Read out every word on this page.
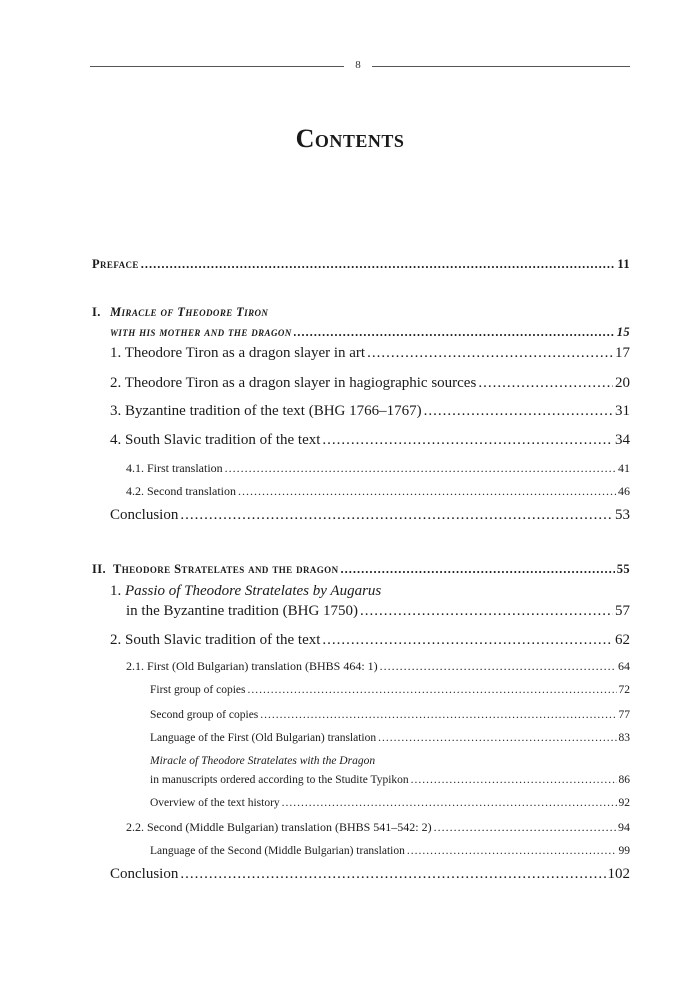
8
Contents
Preface .....	11
I. Miracle of Theodore Tiron
with his mother and the dragon .....	15
1. Theodore Tiron as a dragon slayer in art .....	17
2. Theodore Tiron as a dragon slayer in hagiographic sources .....	20
3. Byzantine tradition of the text (BHG 1766–1767) .....	31
4. South Slavic tradition of the text .....	34
4.1. First translation .....	41
4.2. Second translation .....	46
Conclusion .....	53
II. Theodore Stratelates and the dragon .....	55
1. Passio of Theodore Stratelates by Augarus
in the Byzantine tradition (BHG 1750) .....	57
2. South Slavic tradition of the text .....	62
2.1. First (Old Bulgarian) translation (BHBS 464: 1) .....	64
First group of copies .....	72
Second group of copies .....	77
Language of the First (Old Bulgarian) translation .....	83
Miracle of Theodore Stratelates with the Dragon
in manuscripts ordered according to the Studite Typikon .....	86
Overview of the text history .....	92
2.2. Second (Middle Bulgarian) translation (BHBS 541–542: 2) .....	94
Language of the Second (Middle Bulgarian) translation .....	99
Conclusion .....	102
